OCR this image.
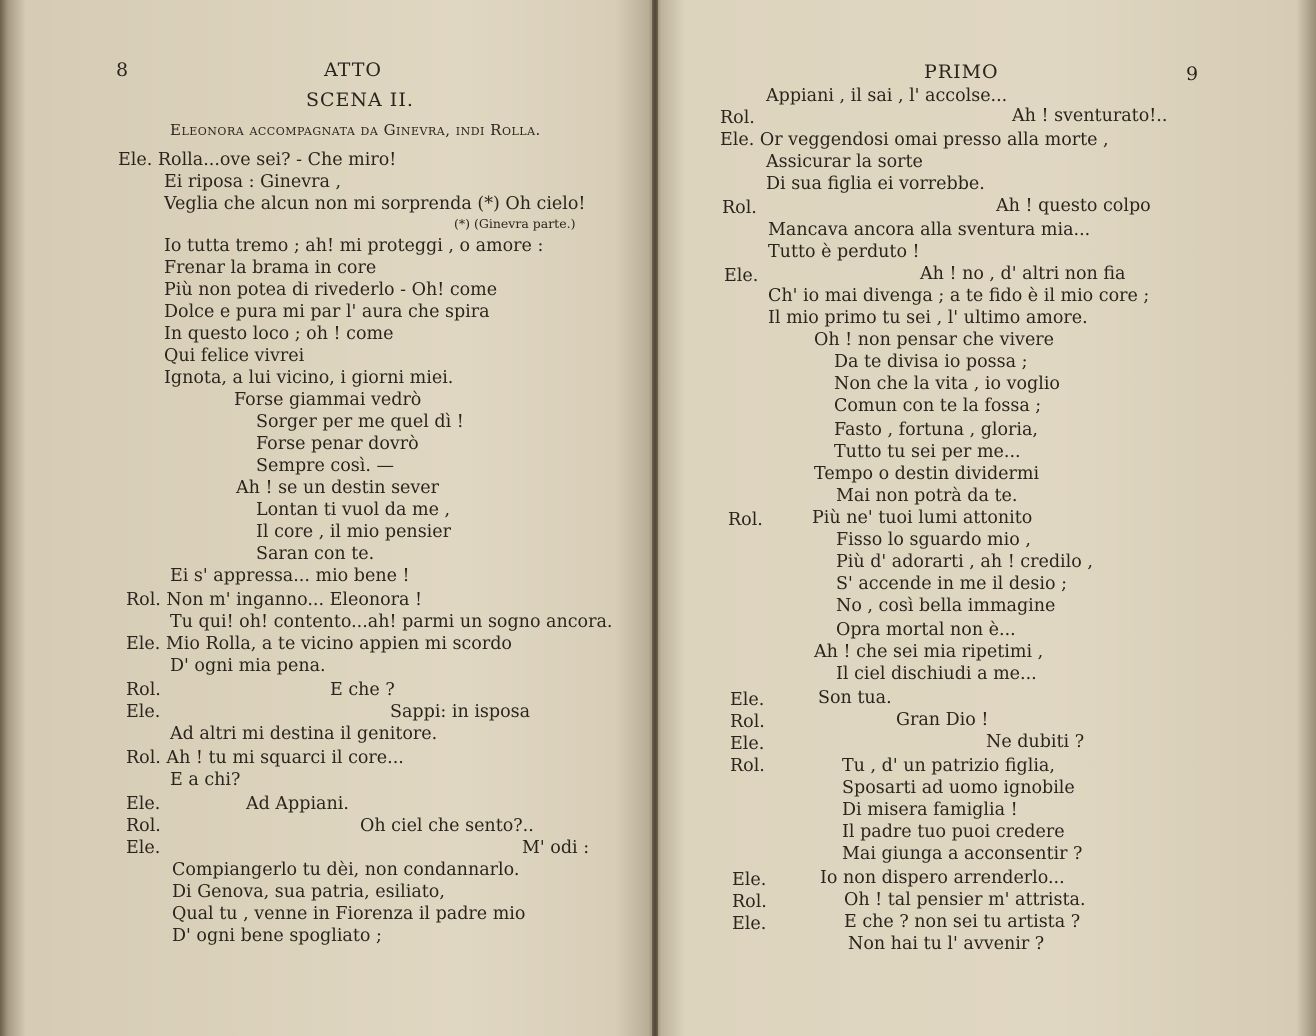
8	ATTO
SCENA II.
Eleonora accompagnata da Ginevra, indi Rolla.
Ele. Rolla...ove sei? - Che miro!
Ei riposa : Ginevra ,
Veglia che alcun non mi sorprenda (*) Oh cielo!
(*) (Ginevra parte.)
Io tutta tremo ; ah! mi proteggi , o amore :
Frenar la brama in core
Più non potea di rivederlo - Oh! come
Dolce e pura mi par l' aura che spira
In questo loco ; oh ! come
Qui felice vivrei
Ignota, a lui vicino, i giorni miei.
Forse giammai vedrò
Sorger per me quel dì !
Forse penar dovrò
Sempre così. —
Ah ! se un destin sever
Lontan ti vuol da me ,
Il core , il mio pensier
Saran con te.
Ei s' appressa... mio bene !
Rol. Non m' inganno... Eleonora !
Tu qui! oh! contento...ah! parmi un sogno ancora.
Ele. Mio Rolla, a te vicino appien mi scordo
D' ogni mia pena.
Rol.	E che ?
Ele.	Sappi: in isposa
Ad altri mi destina il genitore.
Rol. Ah ! tu mi squarci il core...
E a chi?
Ele.	Ad Appiani.
Rol.	Oh ciel che sento?..
Ele.	M' odi :
Compiangerlo tu dèi, non condannarlo.
Di Genova, sua patria, esiliato,
Qual tu , venne in Fiorenza il padre mio
D' ogni bene spogliato ;
PRIMO	9
Appiani , il sai , l' accolse...
Rol.	Ah ! sventurato!..
Ele. Or veggendosi omai presso alla morte ,
Assicurar la sorte
Di sua figlia ei vorrebbe.
Rol.	Ah ! questo colpo
Mancava ancora alla sventura mia...
Tutto è perduto !
Ele.	Ah ! no , d' altri non fia
Ch' io mai divenga ; a te fido è il mio core ;
Il mio primo tu sei , l' ultimo amore.
Oh ! non pensar che vivere
Da te divisa io possa ;
Non che la vita , io voglio
Comun con te la fossa ;
Fasto , fortuna , gloria,
Tutto tu sei per me...
Tempo o destin dividermi
Mai non potrà da te.
Rol.	Più ne' tuoi lumi attonito
Fisso lo sguardo mio ,
Più d' adorarti , ah ! credilo ,
S' accende in me il desio ;
No , così bella immagine
Opra mortal non è...
Ah ! che sei mia ripetimi ,
Il ciel dischiudi a me...
Ele.	Son tua.
Rol.	Gran Dio !
Ele.	Ne dubiti ?
Rol.	Tu , d' un patrizio figlia,
Sposarti ad uomo ignobile
Di misera famiglia !
Il padre tuo puoi credere
Mai giunga a acconsentir ?
Ele.	Io non dispero arrenderlo...
Rol.	Oh ! tal pensier m' attrista.
Ele.	E che ? non sei tu artista ?
Non hai tu l' avvenir ?
